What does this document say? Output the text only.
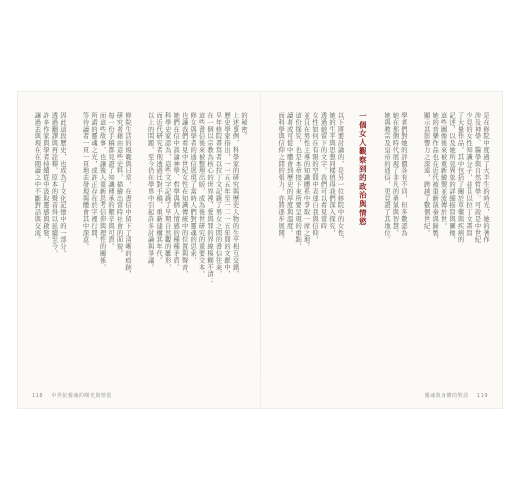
的秘密。
上述事例，科學家的研究與歷史人物的生平相互交錯，
歷史學家指出，一一五五年至一二一五年間的文獻中，
早年修院書寫者以拉丁文記錄了男女之間的書信往來，
在一個以宗教為核心的世界裡，愛與罪的界線模糊不清；
這些書信後來被整理出版，成為後世研究的重要文本。
修女與學者的通信展現了當時人們對靈魂的思索，
也讓我們看見中世紀女性在知識傳統中的位置與聲音，
她們在信中談論神學、哲學與個人情感的種種矛盾。
科學史家認為，這些文字記錄了早期自然觀的雛形，
而近代研究者則透過比對手稿，重新建構其年代。
以上的問題，至今仍在學界中引起許多討論與爭議。
修院生活的規範與日常，在書信中留下了清晰的痕跡，
研究者藉由這些史料，描繪出當時社會的面貌。
每一份手稿都見證了知識傳承的艱辛與可貴。
而這些故事，也讓後人重新思考信仰與理性的關係，
所謂的靈魂之光，或許正存在於字裡行間，
等待讀者一頁一頁地去發現與體會其中深意。
因此這段歷史，也成為了文化記憶中的一部分。
透過翻譯與再詮釋，原本的聲音得以延續至今，
許多作家與學者持續從中汲取靈感與啟發，
讓過去與現在在閱讀之中不斷對話與交流。
118 中世紀靈魂的曙光與情慾
是在修院中度過了大半生的時光，她的著作
涉及神學、醫學與自然哲學，可說是中世紀
少見的女性知識分子，並且以拉丁文書寫
了大量作品，其中包括了關於草藥與疾病的
記述，以及她所見異象的詳細描寫與圖像，
這些圖像後來被重新繪製並流傳於世。
她的音樂作品也在近代被重新演奏與錄製，
顯示其影響力之深遠，跨越了數個世紀。
學者們對她的評價各有不同，但多數認為
她在那個時代展現了非凡的勇氣與智慧。
她與教宗及皇帝的通信，更見證了其地位。
一個女人觀察到的政治與情慾
以下將要討論的，是另一位修院中的女性，
她的生平與思想同樣值得我們深入探究，
透過她留下的文字，我們可以看見當時
女性如何在有限的空間中表達自我與信仰，
並且在男性主導的知識體系中爭取一席之地。
這份探究，也是本章接下來所要呈現的重點，
讀者或可從中體會到歷史的厚度與溫度。
而科學與信仰之間的張力，亦將逐步展開。
靈魂與身體的對話 119
